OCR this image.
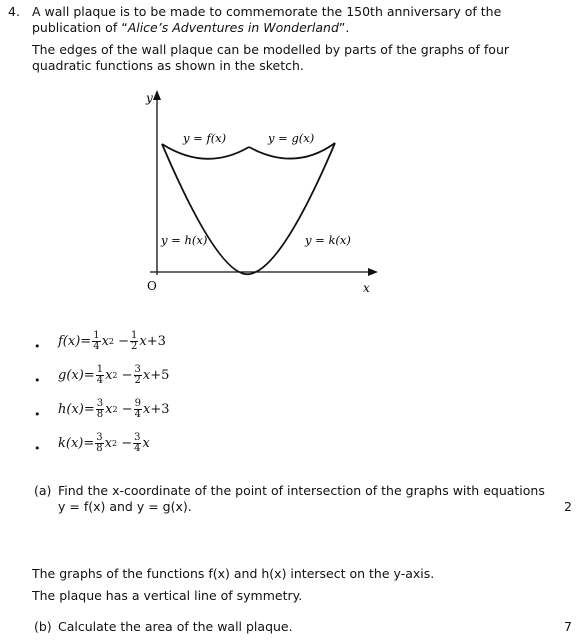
4. A wall plaque is to be made to commemorate the 150th anniversary of the
publication of “Alice’s Adventures in Wonderland”.
The edges of the wall plaque can be modelled by parts of the graphs of four
quadratic functions as shown in the sketch.
y
x
O
y = f(x)	y = g(x)
y = h(x)	y = k(x)
• $f(x) = \frac{1}{4}$ x $2 - \frac{1}{2}$ x +3
• $g(x) = \frac{1}{4}$ x $2 - \frac{3}{2}$ x +5
• $h(x) = \frac{3}{8}$ x $2 - \frac{9}{4}$ x +3
• $k(x) = \frac{3}{8}$ x $2 - \frac{3}{4}$ x
(a) Find the x-coordinate of the point of intersection of the graphs with equations
y = f(x) and y = g(x).	2
The graphs of the functions f(x) and h(x) intersect on the y-axis.
The plaque has a vertical line of symmetry.
(b) Calculate the area of the wall plaque.	7
